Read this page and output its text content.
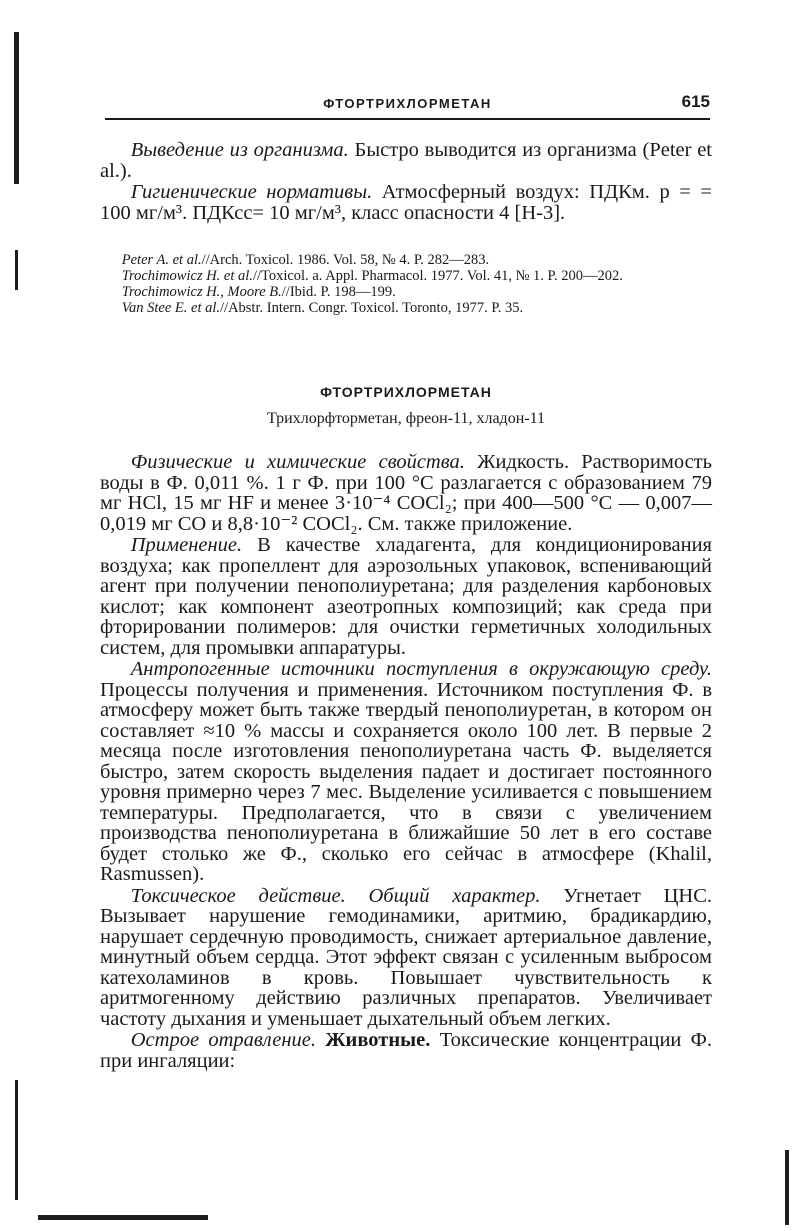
ФТОРТРИХЛОРМЕТАН	615

Выведение из организма. Быстро выводится из организма (Peter et al.).

Гигиенические нормативы. Атмосферный воздух: ПДКм. р = = 100 мг/м³. ПДКсс= 10 мг/м³, класс опасности 4 [Н-3].

Peter A. et al.//Arch. Toxicol. 1986. Vol. 58, № 4. P. 282—283.

Trochimowicz H. et al.//Toxicol. a. Appl. Pharmacol. 1977. Vol. 41, № 1. P. 200—202.

Trochimowicz H., Moore B.//Ibid. P. 198—199.

Van Stee E. et al.//Abstr. Intern. Congr. Toxicol. Toronto, 1977. P. 35.

ФТОРТРИХЛОРМЕТАН
Трихлорфторметан, фреон-11, хладон-11

Физические и химические свойства. Жидкость. Растворимость воды в Ф. 0,011 %. 1 г Ф. при 100 °C разлагается с образованием 79 мг HCl, 15 мг HF и менее 3·10⁻⁴ COCl₂; при 400—500 °C — 0,007—0,019 мг CO и 8,8·10⁻² COCl₂. См. также приложение.

Применение. В качестве хладагента, для кондиционирования воздуха; как пропеллент для аэрозольных упаковок, вспенивающий агент при получении пенополиуретана; для разделения карбоновых кислот; как компонент азеотропных композиций; как среда при фторировании полимеров: для очистки герметичных холодильных систем, для промывки аппаратуры.

Антропогенные источники поступления в окружающую среду. Процессы получения и применения. Источником поступления Ф. в атмосферу может быть также твердый пенополиуретан, в котором он составляет ≈10 % массы и сохраняется около 100 лет. В первые 2 месяца после изготовления пенополиуретана часть Ф. выделяется быстро, затем скорость выделения падает и достигает постоянного уровня примерно через 7 мес. Выделение усиливается с повышением температуры. Предполагается, что в связи с увеличением производства пенополиуретана в ближайшие 50 лет в его составе будет столько же Ф., сколько его сейчас в атмосфере (Khalil, Rasmussen).

Токсическое действие. Общий характер. Угнетает ЦНС. Вызывает нарушение гемодинамики, аритмию, брадикардию, нарушает сердечную проводимость, снижает артериальное давление, минутный объем сердца. Этот эффект связан с усиленным выбросом катехоламинов в кровь. Повышает чувствительность к аритмогенному действию различных препаратов. Увеличивает частоту дыхания и уменьшает дыхательный объем легких.

Острое отравление. Животные. Токсические концентрации Ф. при ингаляции:
